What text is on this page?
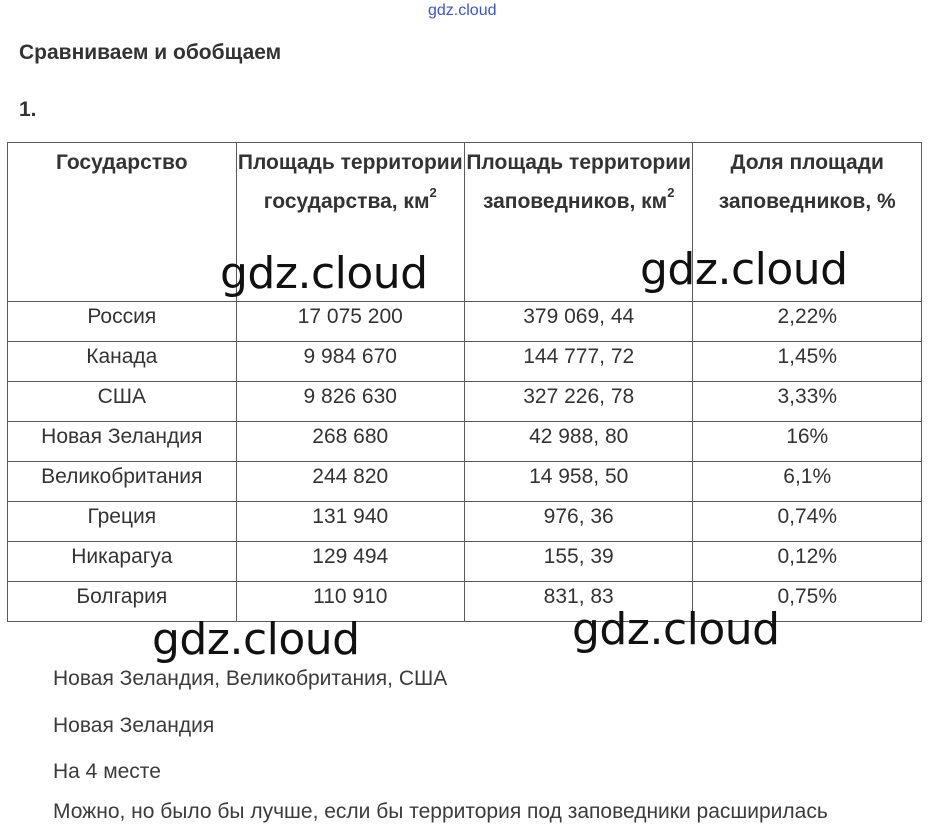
gdz.cloud
Сравниваем и обобщаем
1.
Государство	Площадь территории государства, $км^2$	Площадь территории заповедников, $км^2$	Доля площади заповедников, %
Россия	17 075 200	379 069, 44	2,22%
Канада	9 984 670	144 777, 72	1,45%
США	9 826 630	327 226, 78	3,33%
Новая Зеландия	268 680	42 988, 80	16%
Великобритания	244 820	14 958, 50	6,1%
Греция	131 940	976, 36	0,74%
Никарагуа	129 494	155, 39	0,12%
Болгария	110 910	831, 83	0,75%
gdz.cloud	gdz.cloud
gdz.cloud	gdz.cloud
Новая Зеландия, Великобритания, США
Новая Зеландия
На 4 месте
Можно, но было бы лучше, если бы территория под заповедники расширилась
